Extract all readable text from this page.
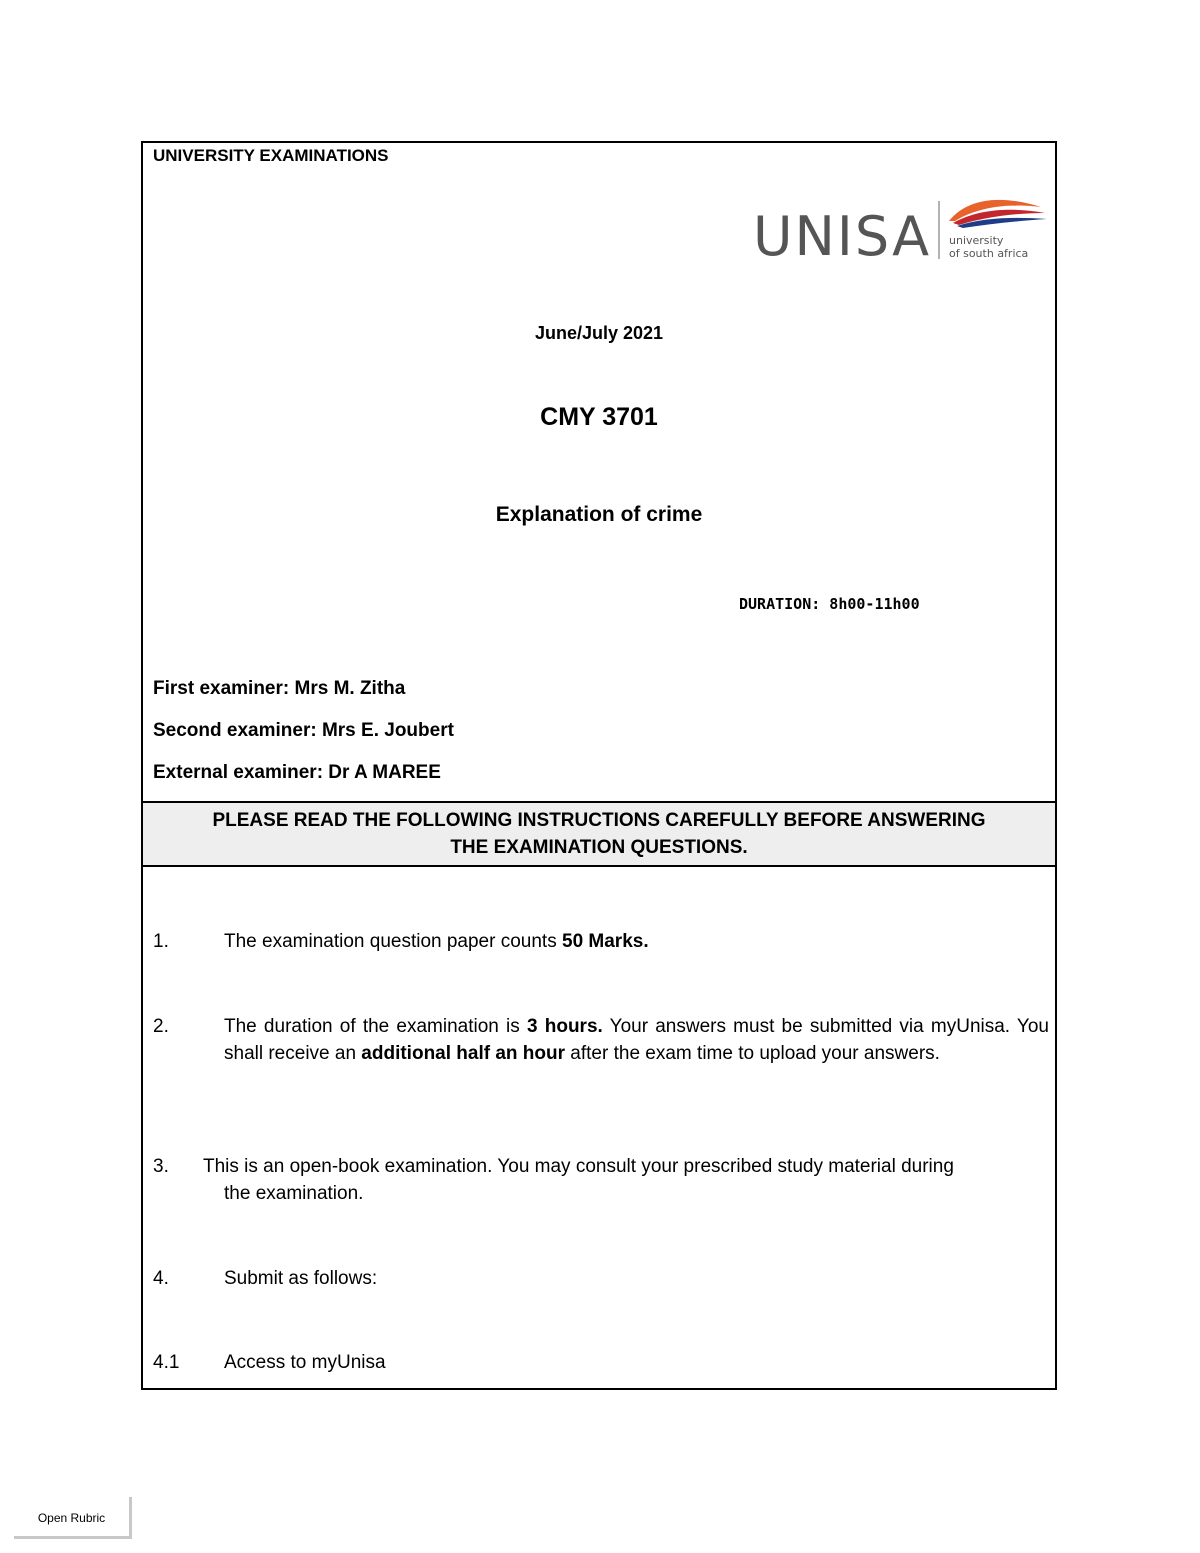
UNIVERSITY EXAMINATIONS
UNISA university
of south africa
June/July 2021
CMY 3701
Explanation of crime
DURATION: 8h00-11h00
First examiner: Mrs M. Zitha
Second examiner: Mrs E. Joubert
External examiner: Dr A MAREE
PLEASE READ THE FOLLOWING INSTRUCTIONS CAREFULLY BEFORE ANSWERING
THE EXAMINATION QUESTIONS.
1.	The examination question paper counts 50 Marks.
2.	The duration of the examination is 3 hours. Your answers must be submitted via myUnisa. You shall receive an additional half an hour after the exam time to upload your answers.
3. This is an open-book examination. You may consult your prescribed study material during
the examination.
4.	Submit as follows:
4.1 Access to myUnisa
Open Rubric
